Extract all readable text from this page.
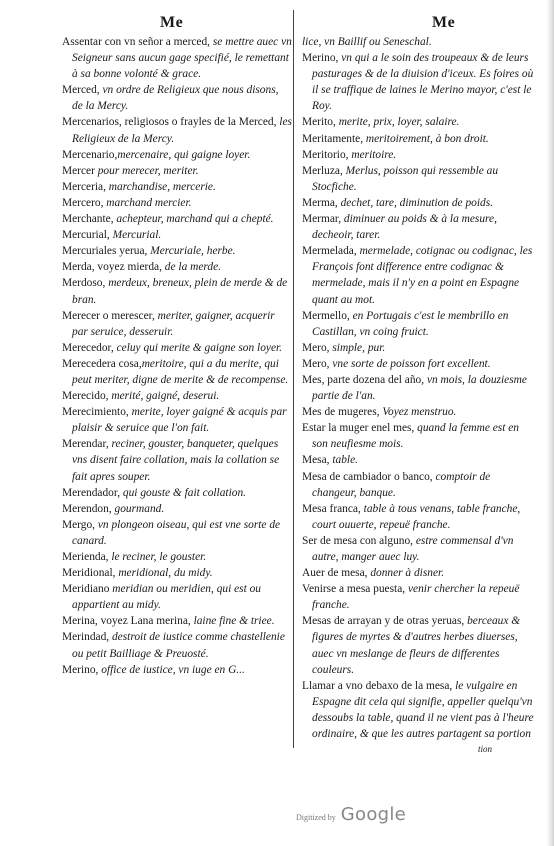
Me	Me

Assentar con vn señor a merced, se mettre auec vn Seigneur sans aucun gage specifié, le remettant à sa bonne volonté & grace.

Merced, vn ordre de Religieux que nous disons, de la Mercy.

Mercenarios, religiosos o frayles de la Merced, les Religieux de la Mercy.

Mercenario,mercenaire, qui gaigne loyer.

Mercer pour merecer, meriter.

Merceria, marchandise, mercerie.

Mercero, marchand mercier.

Merchante, achepteur, marchand qui a chepté.

Mercurial, Mercurial.

Mercuriales yerua, Mercuriale, herbe.

Merda, voyez mierda, de la merde.

Merdoso, merdeux, breneux, plein de merde & de bran.

Merecer o merescer, meriter, gaigner, acquerir par seruice, desseruir.

Merecedor, celuy qui merite & gaigne son loyer.

Merecedera cosa,meritoire, qui a du merite, qui peut meriter, digne de merite & de recompense.

Merecido, merité, gaigné, deserui.

Merecimiento, merite, loyer gaigné & acquis par plaisir & seruice que l'on fait.

Merendar, reciner, gouster, banqueter, quelques vns disent faire collation, mais la collation se fait apres souper.

Merendador, qui gouste & fait collation.

Merendon, gourmand.

Mergo, vn plongeon oiseau, qui est vne sorte de canard.

Merienda, le reciner, le gouster.

Meridional, meridional, du midy.

Meridiano meridian ou meridien, qui est ou appartient au midy.

Merina, voyez Lana merina, laine fine & triee.

Merindad, destroit de iustice comme chastellenie ou petit Bailliage & Preuosté.

Merino, office de iustice, vn iuge en G...

lice, vn Baillif ou Seneschal.

Merino, vn qui a le soin des troupeaux & de leurs pasturages & de la diuision d'iceux. Es foires où il se traffique de laines le Merino mayor, c'est le Roy.

Merito, merite, prix, loyer, salaire.

Meritamente, meritoirement, à bon droit.

Meritorio, meritoire.

Merluza, Merlus, poisson qui ressemble au Stocfiche.

Merma, dechet, tare, diminution de poids.

Mermar, diminuer au poids & à la mesure, decheoir, tarer.

Mermelada, mermelade, cotignac ou codignac, les François font difference entre codignac & mermelade, mais il n'y en a point en Espagne quant au mot.

Mermello, en Portugais c'est le membrillo en Castillan, vn coing fruict.

Mero, simple, pur.

Mero, vne sorte de poisson fort excellent.

Mes, parte dozena del año, vn mois, la douziesme partie de l'an.

Mes de mugeres, Voyez menstruo.

Estar la muger enel mes, quand la femme est en son neufiesme mois.

Mesa, table.

Mesa de cambiador o banco, comptoir de changeur, banque.

Mesa franca, table à tous venans, table franche, court ouuerte, repeuë franche.

Ser de mesa con alguno, estre commensal d'vn autre, manger auec luy.

Auer de mesa, donner à disner.

Venirse a mesa puesta, venir chercher la repeuë franche.

Mesas de arrayan y de otras yeruas, berceaux & figures de myrtes & d'autres herbes diuerses, auec vn meslange de fleurs de differentes couleurs.

Llamar a vno debaxo de la mesa, le vulgaire en Espagne dit cela qui signifie, appeller quelqu'vn dessoubs la table, quand il ne vient pas à l'heure ordinaire, & que les autres partagent sa portion

tion
Digitized by Google
